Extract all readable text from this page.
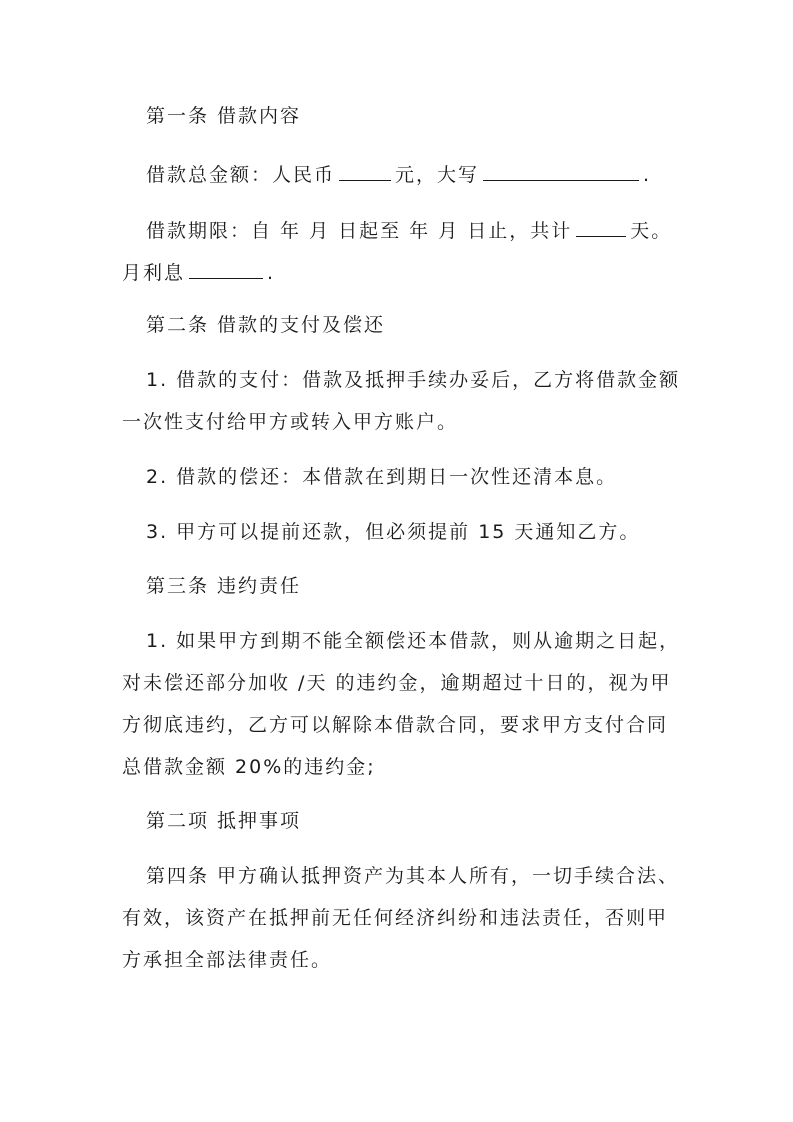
第一条 借款内容
借款总金额：人民币	元，大写	.
借款期限：自 年 月 日起至 年 月 日止，共计	天。
月利息	.
第二条 借款的支付及偿还
1. 借款的支付：借款及抵押手续办妥后，乙方将借款金额
一次性支付给甲方或转入甲方账户。
2. 借款的偿还：本借款在到期日一次性还清本息。
3. 甲方可以提前还款，但必须提前 15 天通知乙方。
第三条 违约责任
1. 如果甲方到期不能全额偿还本借款，则从逾期之日起，
对未偿还部分加收 /天 的违约金，逾期超过十日的，视为甲
方彻底违约，乙方可以解除本借款合同，要求甲方支付合同
总借款金额 20%的违约金;
第二项 抵押事项
第四条 甲方确认抵押资产为其本人所有，一切手续合法、
有效，该资产在抵押前无任何经济纠纷和违法责任，否则甲
方承担全部法律责任。
